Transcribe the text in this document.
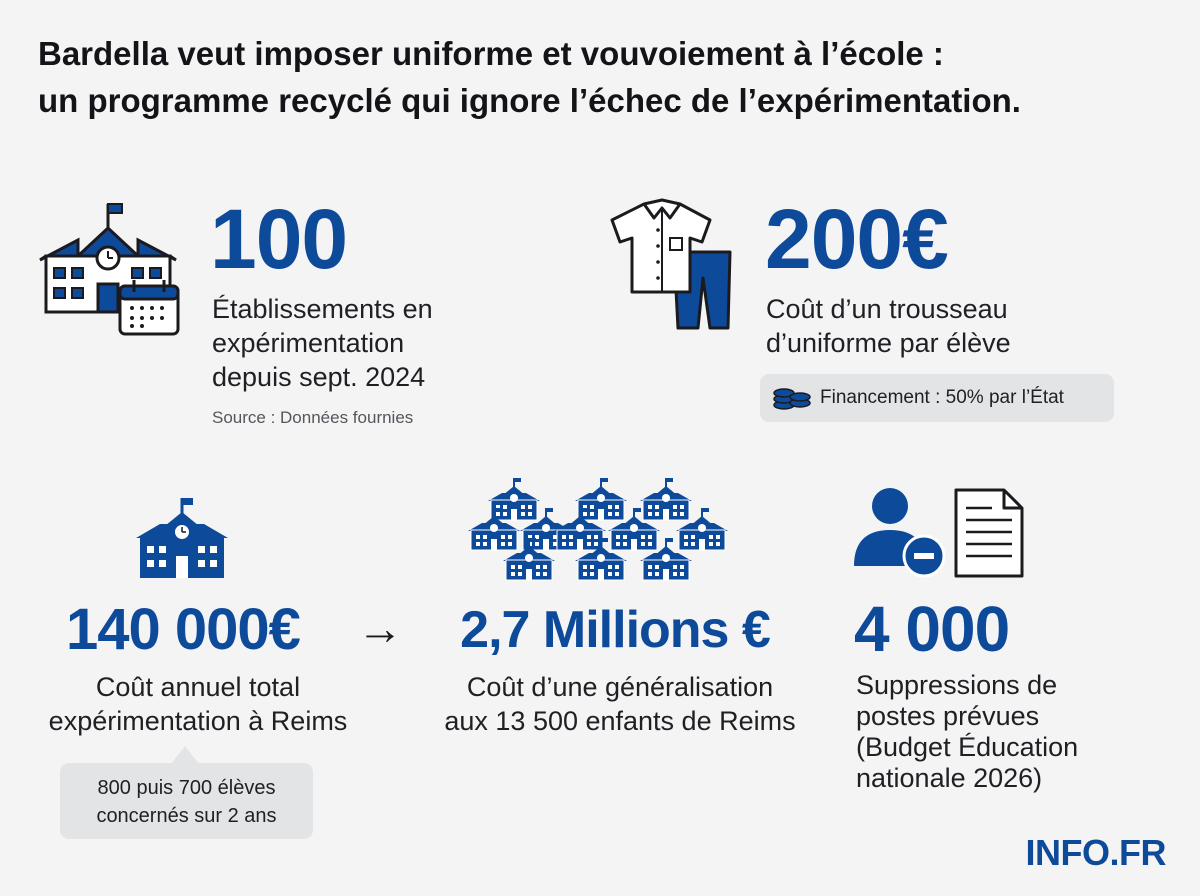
Bardella veut imposer uniforme et vouvoiement à l’école :
un programme recyclé qui ignore l’échec de l’expérimentation.
100
Établissements en
expérimentation
depuis sept. 2024
Source : Données fournies
200€
Coût d’un trousseau
d’uniforme par élève
Financement : 50% par l’État
140 000€
Coût annuel total
expérimentation à Reims
800 puis 700 élèves
concernés sur 2 ans
→	2,7 Millions €
Coût d’une généralisation
aux 13 500 enfants de Reims
4 000
Suppressions de
postes prévues
(Budget Éducation
nationale 2026)
INFO.FR
